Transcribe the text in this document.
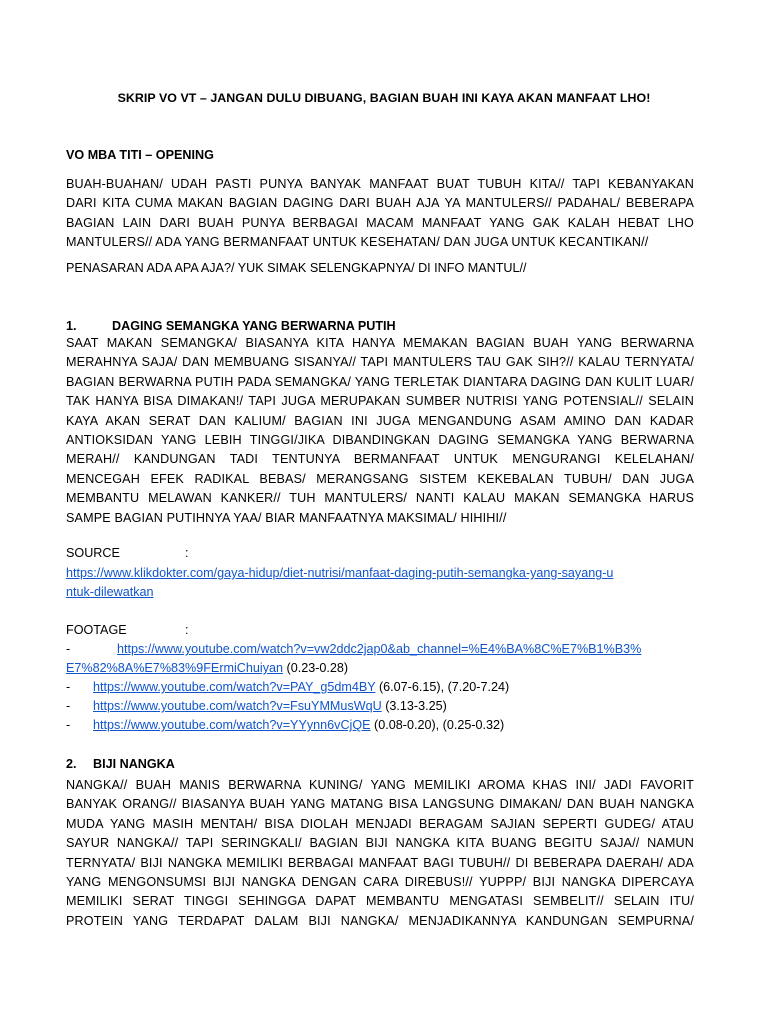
SKRIP VO VT – JANGAN DULU DIBUANG, BAGIAN BUAH INI KAYA AKAN MANFAAT LHO!
VO MBA TITI – OPENING
BUAH-BUAHAN/ UDAH PASTI PUNYA BANYAK MANFAAT BUAT TUBUH KITA// TAPI KEBANYAKAN
DARI KITA CUMA MAKAN BAGIAN DAGING DARI BUAH AJA YA MANTULERS// PADAHAL/ BEBERAPA
BAGIAN LAIN DARI BUAH PUNYA BERBAGAI MACAM MANFAAT YANG GAK KALAH HEBAT LHO
MANTULERS// ADA YANG BERMANFAAT UNTUK KESEHATAN/ DAN JUGA UNTUK KECANTIKAN//
PENASARAN ADA APA AJA?/ YUK SIMAK SELENGKAPNYA/ DI INFO MANTUL//
1.	DAGING SEMANGKA YANG BERWARNA PUTIH
SAAT MAKAN SEMANGKA/ BIASANYA KITA HANYA MEMAKAN BAGIAN BUAH YANG BERWARNA
MERAHNYA SAJA/ DAN MEMBUANG SISANYA// TAPI MANTULERS TAU GAK SIH?// KALAU TERNYATA/
BAGIAN BERWARNA PUTIH PADA SEMANGKA/ YANG TERLETAK DIANTARA DAGING DAN KULIT LUAR/
TAK HANYA BISA DIMAKAN!/ TAPI JUGA MERUPAKAN SUMBER NUTRISI YANG POTENSIAL// SELAIN
KAYA AKAN SERAT DAN KALIUM/ BAGIAN INI JUGA MENGANDUNG ASAM AMINO DAN KADAR
ANTIOKSIDAN YANG LEBIH TINGGI/JIKA DIBANDINGKAN DAGING SEMANGKA YANG BERWARNA
MERAH// KANDUNGAN TADI TENTUNYA BERMANFAAT UNTUK MENGURANGI KELELAHAN/
MENCEGAH EFEK RADIKAL BEBAS/ MERANGSANG SISTEM KEKEBALAN TUBUH/ DAN JUGA
MEMBANTU MELAWAN KANKER// TUH MANTULERS/ NANTI KALAU MAKAN SEMANGKA HARUS
SAMPE BAGIAN PUTIHNYA YAA/ BIAR MANFAATNYA MAKSIMAL/ HIHIHI//
SOURCE	:
https://www.klikdokter.com/gaya-hidup/diet-nutrisi/manfaat-daging-putih-semangka-yang-sayang-u
ntuk-dilewatkan
FOOTAGE	:
-	https://www.youtube.com/watch?v=vw2ddc2jap0&ab_channel=%E4%BA%8C%E7%B1%B3%
E7%82%8A%E7%83%9FErmiChuiyan (0.23-0.28)
- https://www.youtube.com/watch?v=PAY_g5dm4BY (6.07-6.15), (7.20-7.24)
- https://www.youtube.com/watch?v=FsuYMMusWqU (3.13-3.25)
- https://www.youtube.com/watch?v=YYynn6vCjQE (0.08-0.20), (0.25-0.32)
2. BIJI NANGKA
NANGKA// BUAH MANIS BERWARNA KUNING/ YANG MEMILIKI AROMA KHAS INI/ JADI FAVORIT
BANYAK ORANG// BIASANYA BUAH YANG MATANG BISA LANGSUNG DIMAKAN/ DAN BUAH NANGKA
MUDA YANG MASIH MENTAH/ BISA DIOLAH MENJADI BERAGAM SAJIAN SEPERTI GUDEG/ ATAU
SAYUR NANGKA// TAPI SERINGKALI/ BAGIAN BIJI NANGKA KITA BUANG BEGITU SAJA// NAMUN
TERNYATA/ BIJI NANGKA MEMILIKI BERBAGAI MANFAAT BAGI TUBUH// DI BEBERAPA DAERAH/ ADA
YANG MENGONSUMSI BIJI NANGKA DENGAN CARA DIREBUS!// YUPPP/ BIJI NANGKA DIPERCAYA
MEMILIKI SERAT TINGGI SEHINGGA DAPAT MEMBANTU MENGATASI SEMBELIT// SELAIN ITU/
PROTEIN YANG TERDAPAT DALAM BIJI NANGKA/ MENJADIKANNYA KANDUNGAN SEMPURNA/
